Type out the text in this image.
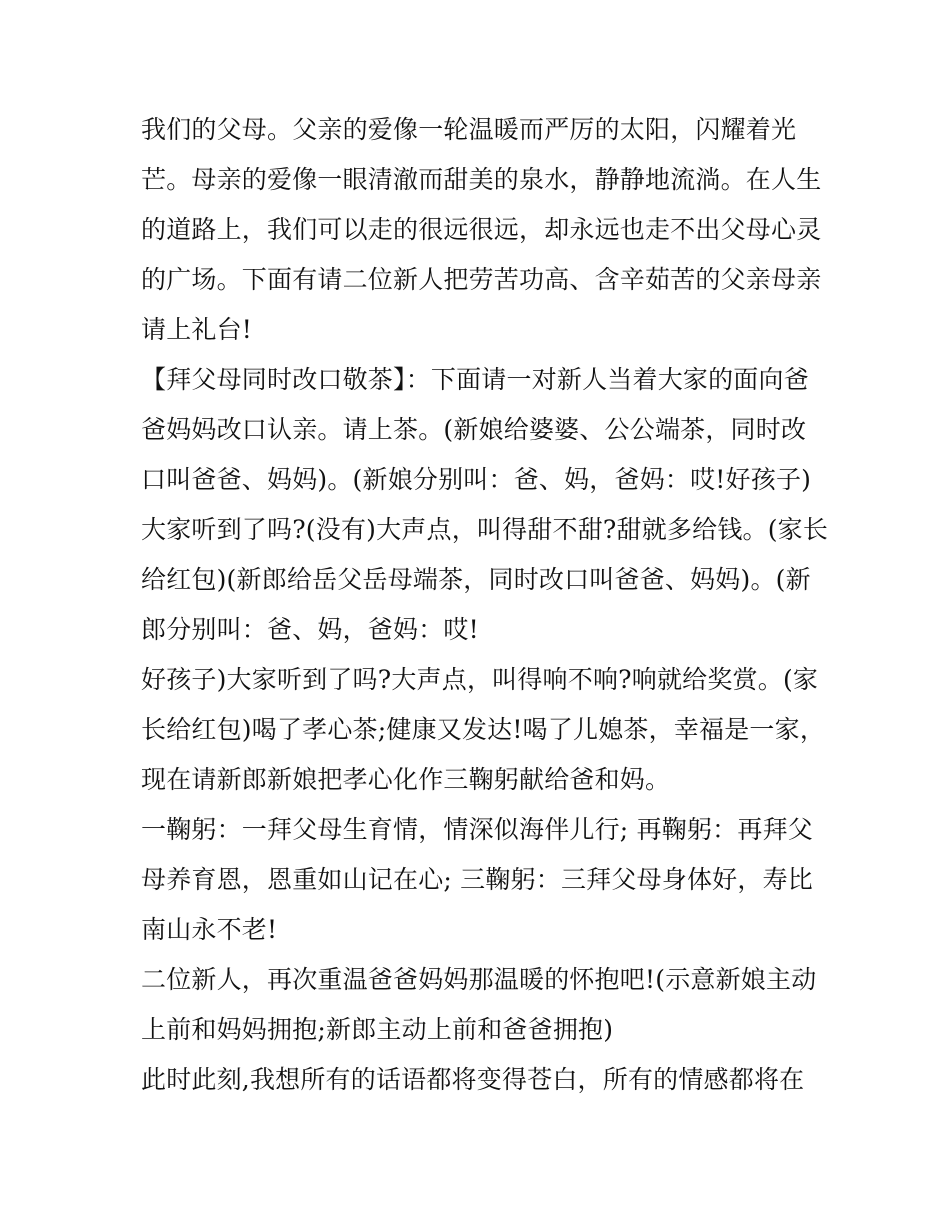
我们的父母。父亲的爱像一轮温暖而严厉的太阳，闪耀着光
芒。母亲的爱像一眼清澈而甜美的泉水，静静地流淌。在人生
的道路上，我们可以走的很远很远，却永远也走不出父母心灵
的广场。下面有请二位新人把劳苦功高、含辛茹苦的父亲母亲
请上礼台!
【拜父母同时改口敬茶】：下面请一对新人当着大家的面向爸
爸妈妈改口认亲。请上茶。(新娘给婆婆、公公端茶，同时改
口叫爸爸、妈妈)。(新娘分别叫：爸、妈，爸妈：哎!好孩子)
大家听到了吗?(没有)大声点，叫得甜不甜?甜就多给钱。(家长
给红包)(新郎给岳父岳母端茶，同时改口叫爸爸、妈妈)。(新
郎分别叫：爸、妈，爸妈：哎!
好孩子)大家听到了吗?大声点，叫得响不响?响就给奖赏。(家
长给红包)喝了孝心茶;健康又发达!喝了儿媳茶，幸福是一家，
现在请新郎新娘把孝心化作三鞠躬献给爸和妈。
一鞠躬：一拜父母生育情，情深似海伴儿行; 再鞠躬：再拜父
母养育恩，恩重如山记在心; 三鞠躬：三拜父母身体好，寿比
南山永不老!
二位新人，再次重温爸爸妈妈那温暖的怀抱吧!(示意新娘主动
上前和妈妈拥抱;新郎主动上前和爸爸拥抱)
此时此刻,我想所有的话语都将变得苍白，所有的情感都将在
